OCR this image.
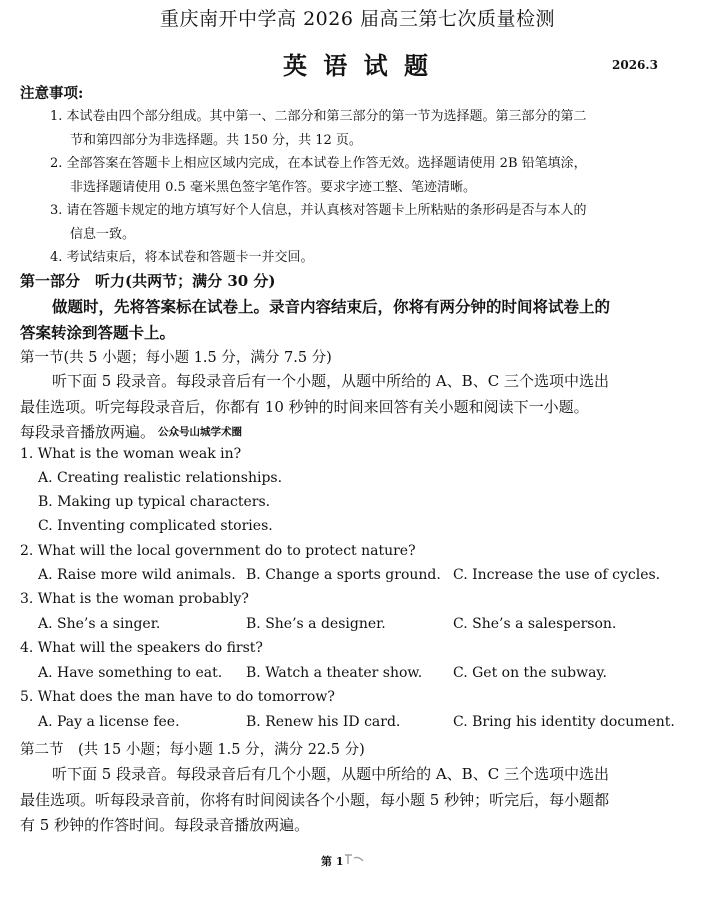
重庆南开中学高 2026 届高三第七次质量检测
英 语 试 题	2026.3
注意事项:
1. 本试卷由四个部分组成。其中第一、二部分和第三部分的第一节为选择题。第三部分的第二
节和第四部分为非选择题。共 150 分，共 12 页。
2. 全部答案在答题卡上相应区域内完成，在本试卷上作答无效。选择题请使用 2B 铅笔填涂，
非选择题请使用 0.5 毫米黑色签字笔作答。要求字迹工整、笔迹清晰。
3. 请在答题卡规定的地方填写好个人信息，并认真核对答题卡上所粘贴的条形码是否与本人的
信息一致。
4. 考试结束后，将本试卷和答题卡一并交回。
第一部分　听力(共两节；满分 30 分)
做题时，先将答案标在试卷上。录音内容结束后，你将有两分钟的时间将试卷上的
答案转涂到答题卡上。
第一节(共 5 小题；每小题 1.5 分，满分 7.5 分)
听下面 5 段录音。每段录音后有一个小题，从题中所给的 A、B、C 三个选项中选出
最佳选项。听完每段录音后，你都有 10 秒钟的时间来回答有关小题和阅读下一小题。
每段录音播放两遍。 公众号山城学术圈
1. What is the woman weak in?
A. Creating realistic relationships.
B. Making up typical characters.
C. Inventing complicated stories.
2. What will the local government do to protect nature?
A. Raise more wild animals. B. Change a sports ground. C. Increase the use of cycles.
3. What is the woman probably?
A. She’s a singer.	B. She’s a designer.	C. She’s a salesperson.
4. What will the speakers do first?
A. Have something to eat. B. Watch a theater show. C. Get on the subway.
5. What does the man have to do tomorrow?
A. Pay a license fee.	B. Renew his ID card.	C. Bring his identity document.
第二节　(共 15 小题；每小题 1.5 分，满分 22.5 分)
听下面 5 段录音。每段录音后有几个小题，从题中所给的 A、B、C 三个选项中选出
最佳选项。听每段录音前，你将有时间阅读各个小题，每小题 5 秒钟；听完后，每小题都
有 5 秒钟的作答时间。每段录音播放两遍。
第 1
